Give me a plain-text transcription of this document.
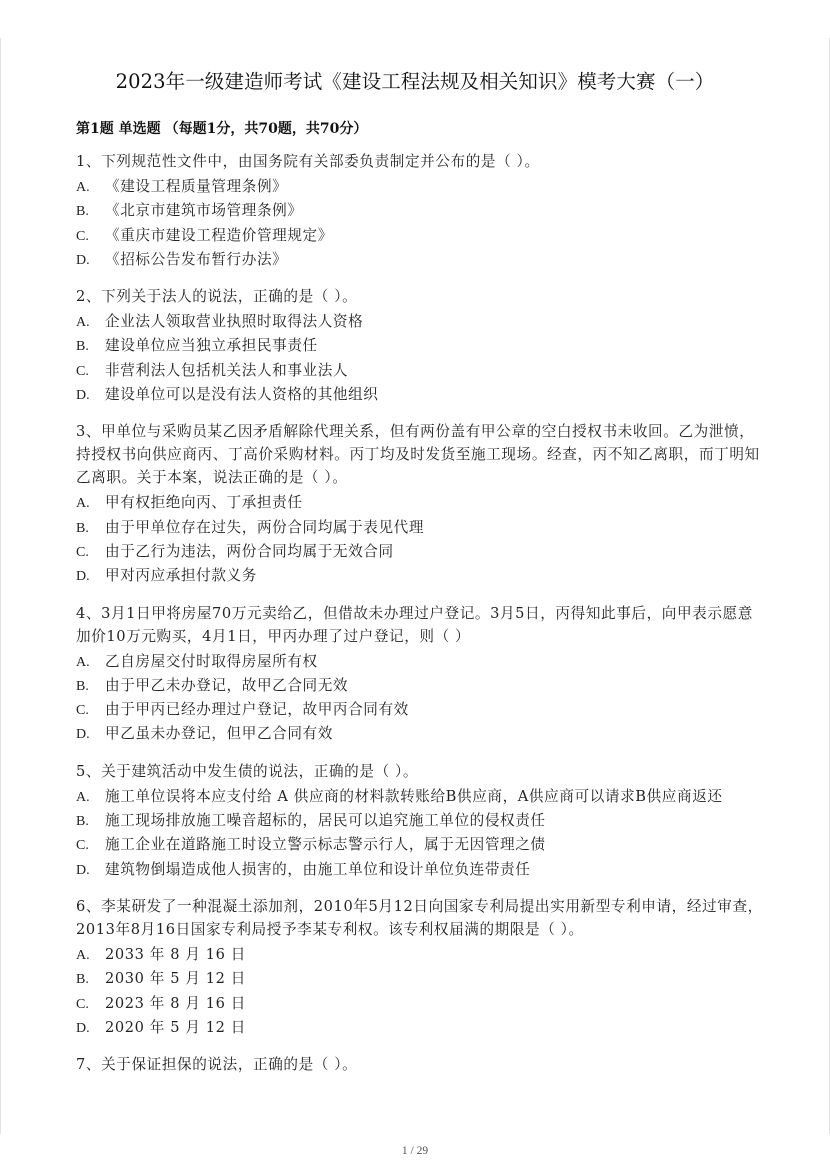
2023年一级建造师考试《建设工程法规及相关知识》模考大赛（一）
第1题 单选题 （每题1分，共70题，共70分）
1、下列规范性文件中，由国务院有关部委负责制定并公布的是（ ）。
A. 《建设工程质量管理条例》
B. 《北京市建筑市场管理条例》
C. 《重庆市建设工程造价管理规定》
D. 《招标公告发布暂行办法》
2、下列关于法人的说法，正确的是（ ）。
A. 企业法人领取营业执照时取得法人资格
B. 建设单位应当独立承担民事责任
C. 非营利法人包括机关法人和事业法人
D. 建设单位可以是没有法人资格的其他组织
3、甲单位与采购员某乙因矛盾解除代理关系，但有两份盖有甲公章的空白授权书未收回。乙为泄愤，持授权书向供应商丙、丁高价采购材料。丙丁均及时发货至施工现场。经查，丙不知乙离职，而丁明知乙离职。关于本案，说法正确的是（ ）。
A. 甲有权拒绝向丙、丁承担责任
B. 由于甲单位存在过失，两份合同均属于表见代理
C. 由于乙行为违法，两份合同均属于无效合同
D. 甲对丙应承担付款义务
4、3月1日甲将房屋70万元卖给乙，但借故未办理过户登记。3月5日，丙得知此事后，向甲表示愿意加价10万元购买，4月1日，甲丙办理了过户登记，则（ ）
A. 乙自房屋交付时取得房屋所有权
B. 由于甲乙未办登记，故甲乙合同无效
C. 由于甲丙已经办理过户登记，故甲丙合同有效
D. 甲乙虽未办登记，但甲乙合同有效
5、关于建筑活动中发生债的说法，正确的是（ ）。
A. 施工单位误将本应支付给 A 供应商的材料款转账给B供应商，A供应商可以请求B供应商返还
B. 施工现场排放施工噪音超标的，居民可以追究施工单位的侵权责任
C. 施工企业在道路施工时设立警示标志警示行人，属于无因管理之债
D. 建筑物倒塌造成他人损害的，由施工单位和设计单位负连带责任
6、李某研发了一种混凝土添加剂，2010年5月12日向国家专利局提出实用新型专利申请，经过审查，2013年8月16日国家专利局授予李某专利权。该专利权届满的期限是（ ）。
A. 2033 年 8 月 16 日
B. 2030 年 5 月 12 日
C. 2023 年 8 月 16 日
D. 2020 年 5 月 12 日
7、关于保证担保的说法，正确的是（ ）。
1 / 29
